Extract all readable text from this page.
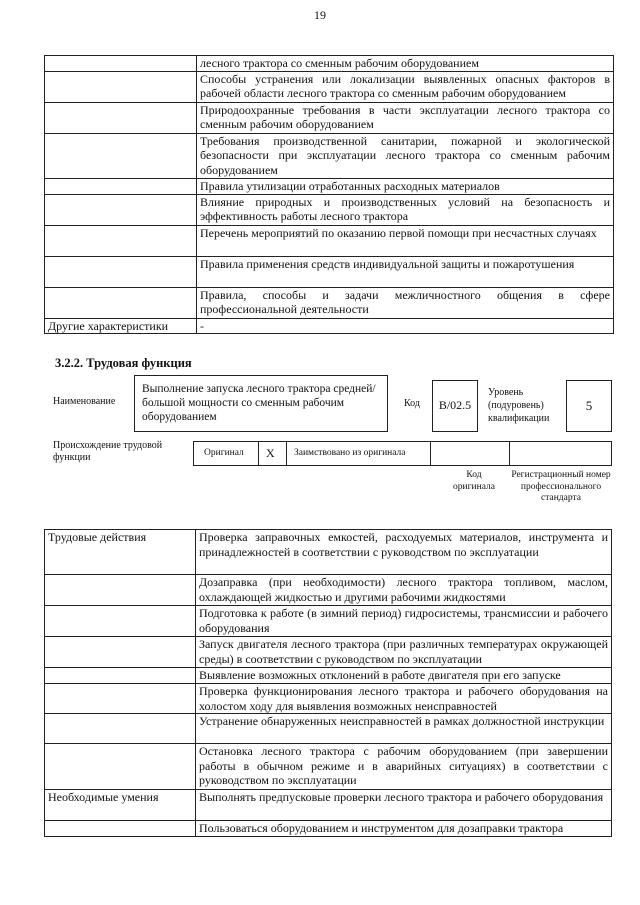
19
	лесного трактора со сменным рабочим оборудованием
	Способы устранения или локализации выявленных опасных факторов в рабочей области лесного трактора со сменным рабочим оборудованием
	Природоохранные требования в части эксплуатации лесного трактора со сменным рабочим оборудованием
	Требования производственной санитарии, пожарной и экологической безопасности при эксплуатации лесного трактора со сменным рабочим оборудованием
	Правила утилизации отработанных расходных материалов
	Влияние природных и производственных условий на безопасность и эффективность работы лесного трактора
	Перечень мероприятий по оказанию первой помощи при несчастных случаях
	Правила применения средств индивидуальной защиты и пожаротушения
	Правила, способы и задачи межличностного общения в сфере профессиональной деятельности
Другие характеристики	-
3.2.2. Трудовая функция
Наименование
Выполнение запуска лесного трактора средней/большой мощности со сменным рабочим оборудованием
Код	B/02.5
Уровень (подуровень) квалификации
5
Происхождение трудовой функции	Оригинал X Заимствовано из оригинала
Код оригинала
Регистрационный номер профессионального стандарта
Трудовые действия	Проверка заправочных емкостей, расходуемых материалов, инструмента и принадлежностей в соответствии с руководством по эксплуатации
	Дозаправка (при необходимости) лесного трактора топливом, маслом, охлаждающей жидкостью и другими рабочими жидкостями
	Подготовка к работе (в зимний период) гидросистемы, трансмиссии и рабочего оборудования
	Запуск двигателя лесного трактора (при различных температурах окружающей среды) в соответствии с руководством по эксплуатации
	Выявление возможных отклонений в работе двигателя при его запуске
	Проверка функционирования лесного трактора и рабочего оборудования на холостом ходу для выявления возможных неисправностей
	Устранение обнаруженных неисправностей в рамках должностной инструкции
	Остановка лесного трактора с рабочим оборудованием (при завершении работы в обычном режиме и в аварийных ситуациях) в соответствии с руководством по эксплуатации
Необходимые умения	Выполнять предпусковые проверки лесного трактора и рабочего оборудования
	Пользоваться оборудованием и инструментом для дозаправки трактора
